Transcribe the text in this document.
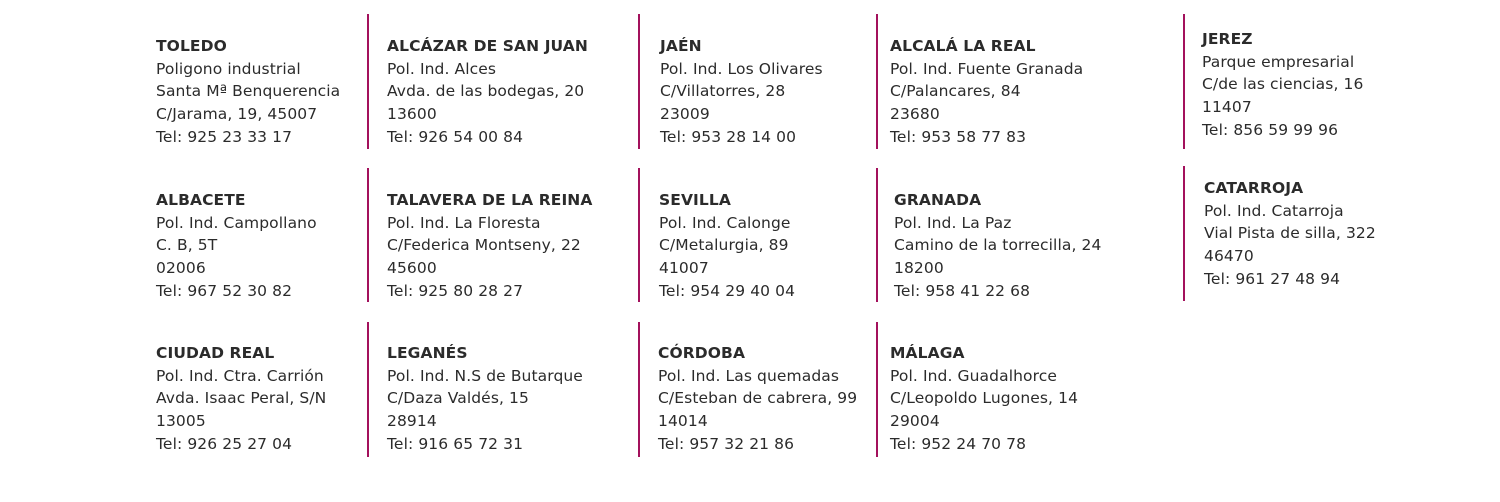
TOLEDO
Poligono industrial
Santa Mª Benquerencia
C/Jarama, 19, 45007
Tel: 925 23 33 17
ALCÁZAR DE SAN JUAN
Pol. Ind. Alces
Avda. de las bodegas, 20
13600
Tel: 926 54 00 84
JAÉN
Pol. Ind. Los Olivares
C/Villatorres, 28
23009
Tel: 953 28 14 00
ALCALÁ LA REAL
Pol. Ind. Fuente Granada
C/Palancares, 84
23680
Tel: 953 58 77 83
JEREZ
Parque empresarial
C/de las ciencias, 16
11407
Tel: 856 59 99 96
ALBACETE
Pol. Ind. Campollano
C. B, 5T
02006
Tel: 967 52 30 82
TALAVERA DE LA REINA
Pol. Ind. La Floresta
C/Federica Montseny, 22
45600
Tel: 925 80 28 27
SEVILLA
Pol. Ind. Calonge
C/Metalurgia, 89
41007
Tel: 954 29 40 04
GRANADA
Pol. Ind. La Paz
Camino de la torrecilla, 24
18200
Tel: 958 41 22 68
CATARROJA
Pol. Ind. Catarroja
Vial Pista de silla, 322
46470
Tel: 961 27 48 94
CIUDAD REAL
Pol. Ind. Ctra. Carrión
Avda. Isaac Peral, S/N
13005
Tel: 926 25 27 04
LEGANÉS
Pol. Ind. N.S de Butarque
C/Daza Valdés, 15
28914
Tel: 916 65 72 31
CÓRDOBA
Pol. Ind. Las quemadas
C/Esteban de cabrera, 99
14014
Tel: 957 32 21 86
MÁLAGA
Pol. Ind. Guadalhorce
C/Leopoldo Lugones, 14
29004
Tel: 952 24 70 78
